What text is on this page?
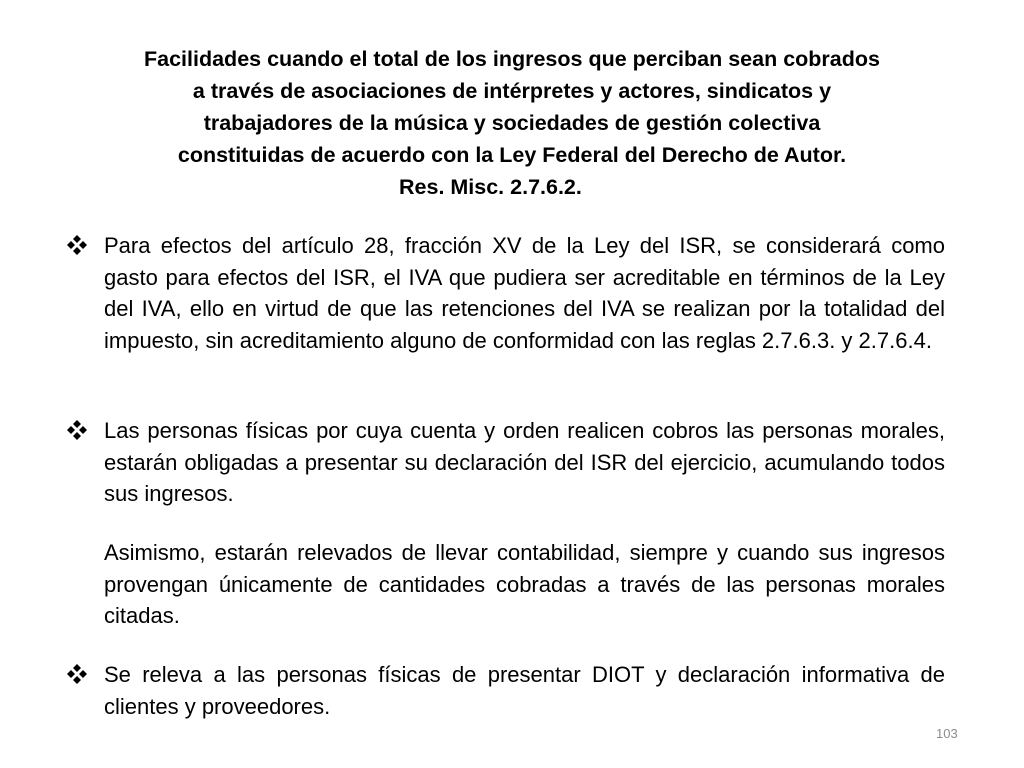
Facilidades cuando el total de los ingresos que perciban sean cobrados
a través de asociaciones de intérpretes y actores, sindicatos y
trabajadores de la música y sociedades de gestión colectiva
constituidas de acuerdo con la Ley Federal del Derecho de Autor.

Res. Misc. 2.7.6.2.

Para efectos del artículo 28, fracción XV de la Ley del ISR, se considerará como gasto para efectos del ISR, el IVA que pudiera ser acreditable en términos de la Ley del IVA, ello en virtud de que las retenciones del IVA se realizan por la totalidad del impuesto, sin acreditamiento alguno de conformidad con las reglas 2.7.6.3. y 2.7.6.4.

Las personas físicas por cuya cuenta y orden realicen cobros las personas morales, estarán obligadas a presentar su declaración del ISR del ejercicio, acumulando todos sus ingresos.

Asimismo, estarán relevados de llevar contabilidad, siempre y cuando sus ingresos provengan únicamente de cantidades cobradas a través de las personas morales citadas.

Se releva a las personas físicas de presentar DIOT y declaración informativa de clientes y proveedores.

103
